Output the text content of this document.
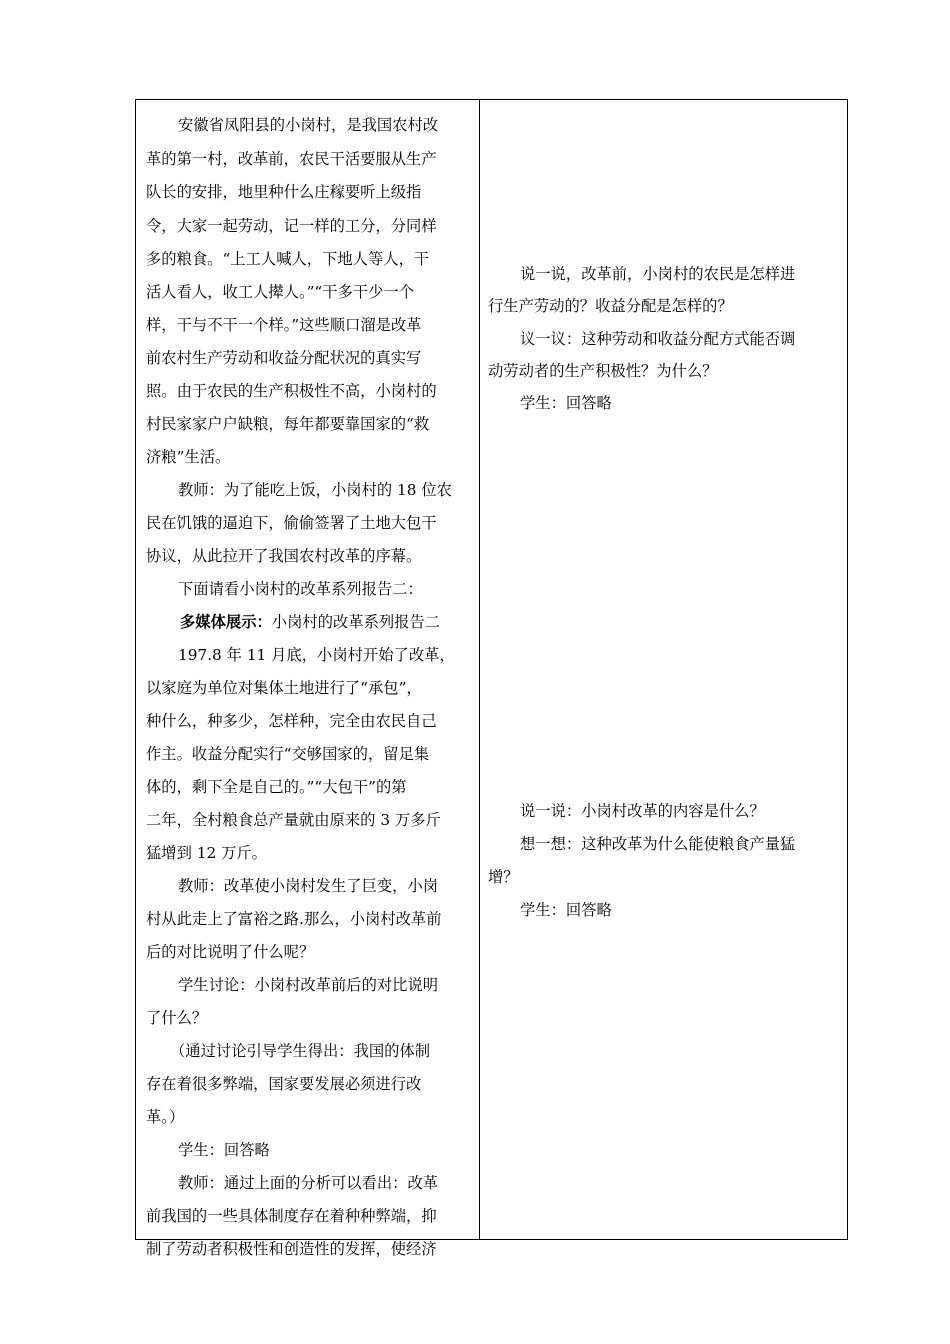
安徽省凤阳县的小岗村，是我国农村改
革的第一村，改革前，农民干活要服从生产
队长的安排，地里种什么庄稼要听上级指
令，大家一起劳动，记一样的工分，分同样
多的粮食。“上工人喊人，下地人等人，干
活人看人，收工人撵人。”“干多干少一个
样，干与不干一个样。”这些顺口溜是改革
前农村生产劳动和收益分配状况的真实写
照。由于农民的生产积极性不高，小岗村的
村民家家户户缺粮，每年都要靠国家的“救
济粮”生活。
教师：为了能吃上饭，小岗村的 18 位农
民在饥饿的逼迫下，偷偷签署了土地大包干
协议，从此拉开了我国农村改革的序幕。
下面请看小岗村的改革系列报告二：
多媒体展示：小岗村的改革系列报告二
197.8 年 11 月底，小岗村开始了改革，
以家庭为单位对集体土地进行了“承包”，
种什么，种多少，怎样种，完全由农民自己
作主。收益分配实行“交够国家的，留足集
体的，剩下全是自己的。”“大包干”的第
二年，全村粮食总产量就由原来的 3 万多斤
猛增到 12 万斤。
教师：改革使小岗村发生了巨变，小岗
村从此走上了富裕之路.那么，小岗村改革前
后的对比说明了什么呢？
学生讨论：小岗村改革前后的对比说明
了什么？
（通过讨论引导学生得出：我国的体制
存在着很多弊端，国家要发展必须进行改
革。）
学生：回答略
教师：通过上面的分析可以看出：改革
前我国的一些具体制度存在着种种弊端，抑
制了劳动者积极性和创造性的发挥，使经济
说一说，改革前，小岗村的农民是怎样进
行生产劳动的？收益分配是怎样的？
议一议：这种劳动和收益分配方式能否调
动劳动者的生产积极性？为什么？
学生：回答略
说一说：小岗村改革的内容是什么？
想一想：这种改革为什么能使粮食产量猛
增？
学生：回答略
